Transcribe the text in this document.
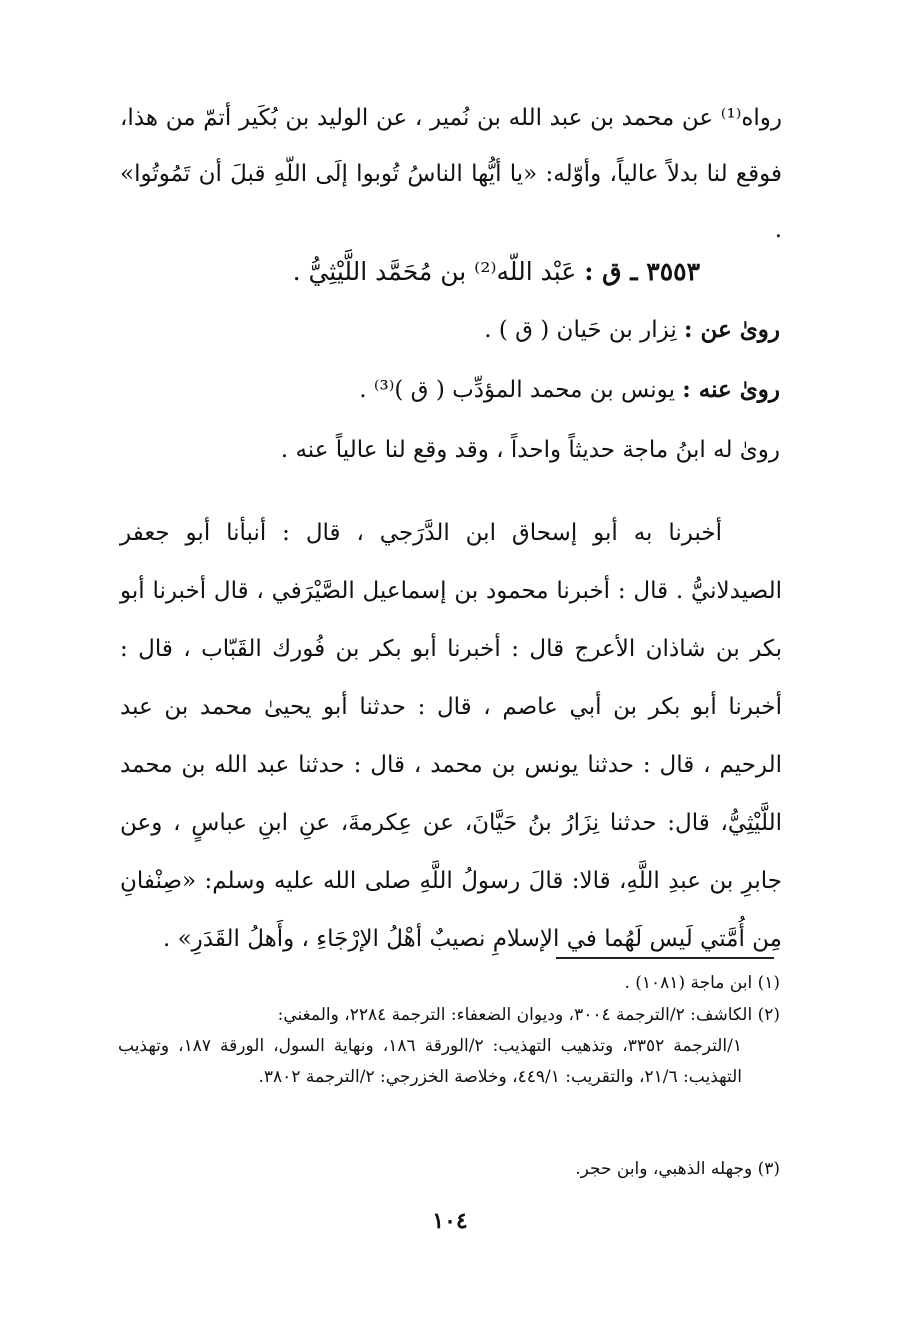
رواه⁽¹⁾ عن محمد بن عبد الله بن نُمير ، عن الوليد بن بُكَير أتمّ من هذا، فوقع لنا بدلاً عالياً، وأوّله: «يا أيُّها الناسُ تُوبوا إلَى اللّهِ قبلَ أن تَمُوتُوا» .

٣٥٥٣ ـ ق : عَبْد اللّه⁽²⁾ بن مُحَمَّد اللَّيْثِيُّ .
روىٰ عن : نِزار بن حَيان ( ق ) .
روىٰ عنه : يونس بن محمد المؤدِّب ( ق )⁽³⁾ .
روىٰ له ابنُ ماجة حديثاً واحداً ، وقد وقع لنا عالياً عنه .

أخبرنا به أبو إسحاق ابن الدَّرَجي ، قال : أنبأنا أبو جعفر الصيدلانيُّ . قال : أخبرنا محمود بن إسماعيل الصَّيْرَفي ، قال أخبرنا أبو بكر بن شاذان الأعرج قال : أخبرنا أبو بكر بن فُورك القَبّاب ، قال : أخبرنا أبو بكر بن أبي عاصم ، قال : حدثنا أبو يحيىٰ محمد بن عبد الرحيم ، قال : حدثنا يونس بن محمد ، قال : حدثنا عبد الله بن محمد اللَّيْثِيُّ، قال: حدثنا نِزَارُ بنُ حَيَّانَ، عن عِكرمةَ، عنِ ابنِ عباسٍ ، وعن جابرِ بن عبدِ اللَّهِ، قالا: قالَ رسولُ اللَّهِ صلى الله عليه وسلم: «صِنْفانِ مِن أُمَّتي لَيس لَهُما في الإسلامِ نصيبٌ أهْلُ الإرْجَاءِ ، وأَهلُ القَدَرِ» .

(١) ابن ماجة (١٠٨١) .

(٢) الكاشف: ٢/الترجمة ٣٠٠٤، وديوان الضعفاء: الترجمة ٢٢٨٤، والمغني:
١/الترجمة ٣٣٥٢، وتذهيب التهذيب: ٢/الورقة ١٨٦، ونهاية السول، الورقة ١٨٧، وتهذيب التهذيب: ٢١/٦، والتقريب: ٤٤٩/١، وخلاصة الخزرجي: ٢/الترجمة ٣٨٠٢.

(٣) وجهله الذهبي، وابن حجر.

١٠٤
